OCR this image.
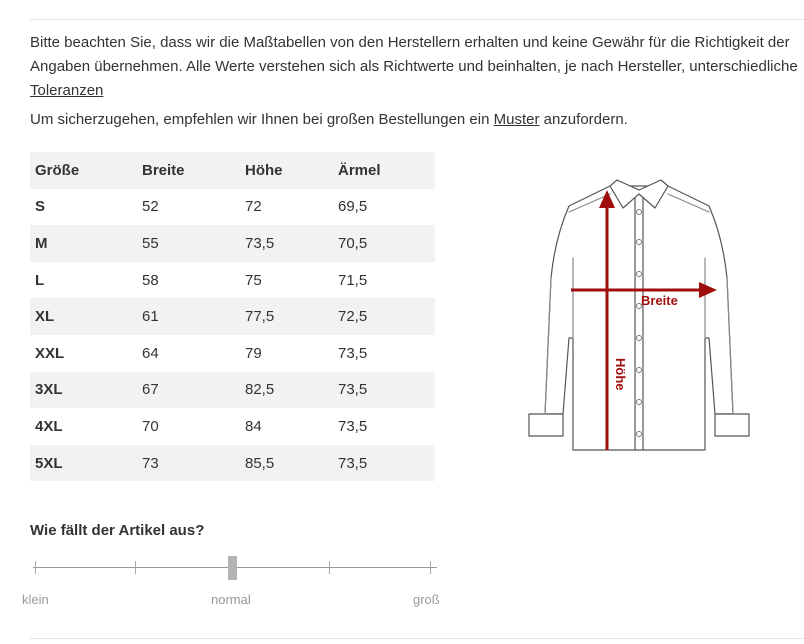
Bitte beachten Sie, dass wir die Maßtabellen von den Herstellern erhalten und keine Gewähr für die Richtigkeit der
Angaben übernehmen. Alle Werte verstehen sich als Richtwerte und beinhalten, je nach Hersteller, unterschiedliche
Toleranzen
Um sicherzugehen, empfehlen wir Ihnen bei großen Bestellungen ein Muster anzufordern.
Größe	Breite	Höhe	Ärmel
S	52	72	69,5
M	55	73,5	70,5
L	58	75	71,5
XL	61	77,5	72,5
XXL	64	79	73,5
3XL	67	82,5	73,5
4XL	70	84	73,5
5XL	73	85,5	73,5
Breite
Höhe
Wie fällt der Artikel aus?
klein	normal	groß
